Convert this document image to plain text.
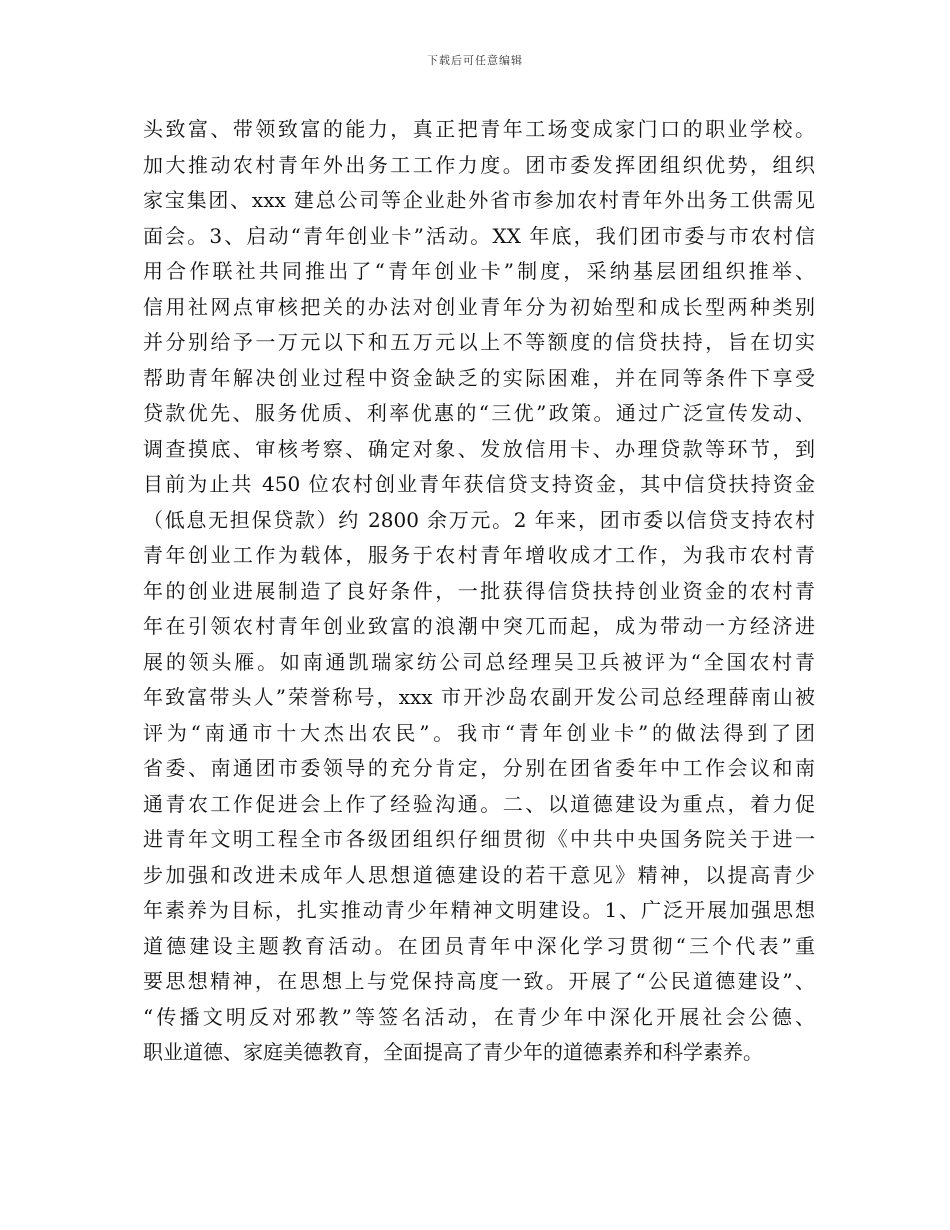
下载后可任意编辑
头致富、带领致富的能力，真正把青年工场变成家门口的职业学校。
加大推动农村青年外出务工工作力度。团市委发挥团组织优势，组织
家宝集团、xxx 建总公司等企业赴外省市参加农村青年外出务工供需见
面会。3、启动“青年创业卡”活动。XX 年底，我们团市委与市农村信
用合作联社共同推出了“青年创业卡”制度，采纳基层团组织推举、
信用社网点审核把关的办法对创业青年分为初始型和成长型两种类别
并分别给予一万元以下和五万元以上不等额度的信贷扶持，旨在切实
帮助青年解决创业过程中资金缺乏的实际困难，并在同等条件下享受
贷款优先、服务优质、利率优惠的“三优”政策。通过广泛宣传发动、
调查摸底、审核考察、确定对象、发放信用卡、办理贷款等环节，到
目前为止共 450 位农村创业青年获信贷支持资金，其中信贷扶持资金
（低息无担保贷款）约 2800 余万元。2 年来，团市委以信贷支持农村
青年创业工作为载体，服务于农村青年增收成才工作，为我市农村青
年的创业进展制造了良好条件，一批获得信贷扶持创业资金的农村青
年在引领农村青年创业致富的浪潮中突兀而起，成为带动一方经济进
展的领头雁。如南通凯瑞家纺公司总经理吴卫兵被评为“全国农村青
年致富带头人”荣誉称号，xxx 市开沙岛农副开发公司总经理薛南山被
评为“南通市十大杰出农民”。我市“青年创业卡”的做法得到了团
省委、南通团市委领导的充分肯定，分别在团省委年中工作会议和南
通青农工作促进会上作了经验沟通。二、以道德建设为重点，着力促
进青年文明工程全市各级团组织仔细贯彻《中共中央国务院关于进一
步加强和改进未成年人思想道德建设的若干意见》精神，以提高青少
年素养为目标，扎实推动青少年精神文明建设。1、广泛开展加强思想
道德建设主题教育活动。在团员青年中深化学习贯彻“三个代表”重
要思想精神，在思想上与党保持高度一致。开展了“公民道德建设”、
“传播文明反对邪教”等签名活动，在青少年中深化开展社会公德、
职业道德、家庭美德教育，全面提高了青少年的道德素养和科学素养。
